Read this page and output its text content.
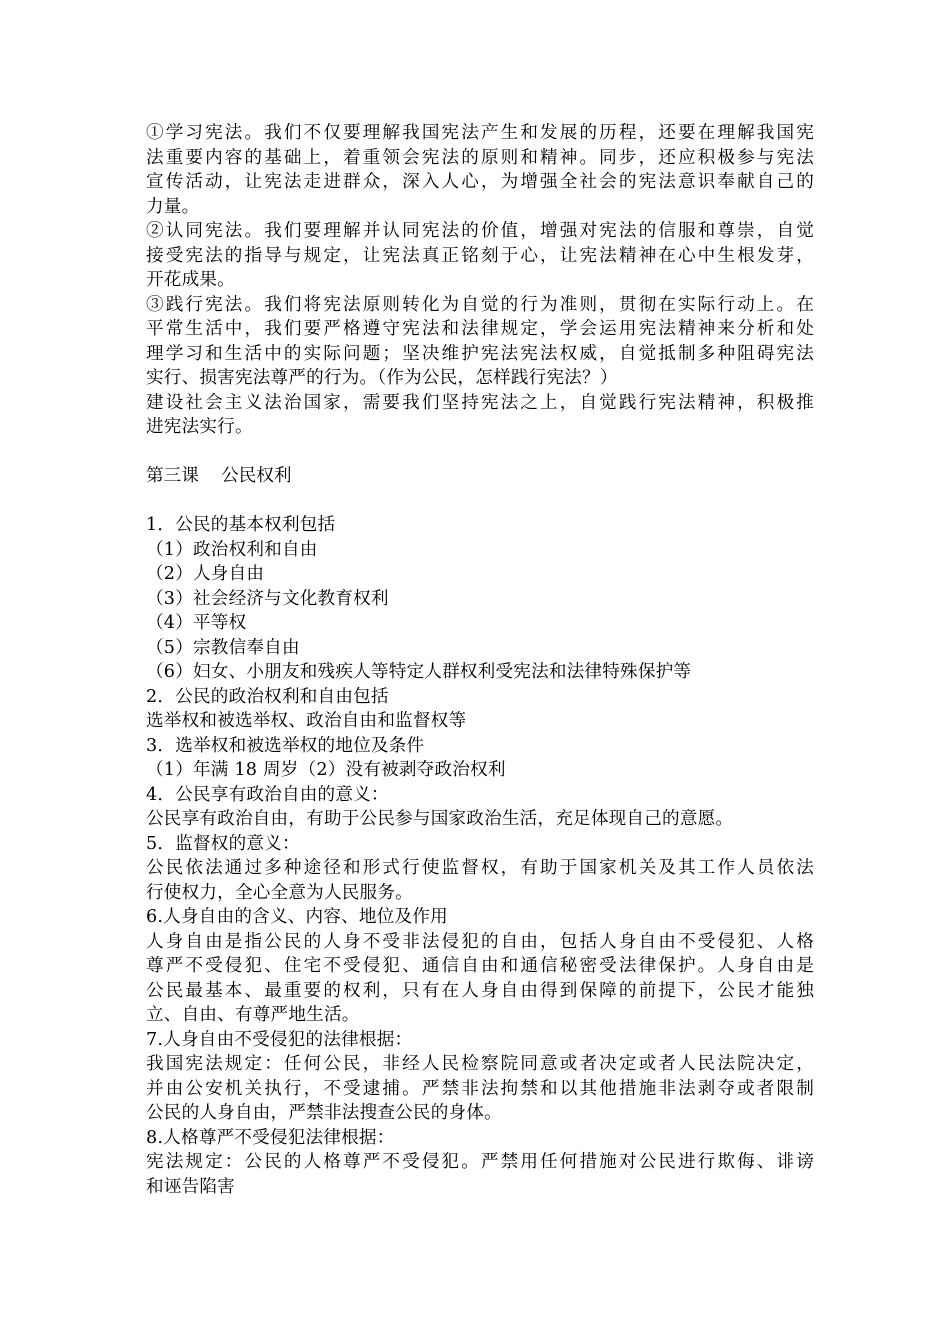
①学习宪法。我们不仅要理解我国宪法产生和发展的历程，还要在理解我国宪
法重要内容的基础上，着重领会宪法的原则和精神。同步，还应积极参与宪法
宣传活动，让宪法走进群众，深入人心，为增强全社会的宪法意识奉献自己的
力量。
②认同宪法。我们要理解并认同宪法的价值，增强对宪法的信服和尊崇，自觉
接受宪法的指导与规定，让宪法真正铭刻于心，让宪法精神在心中生根发芽，
开花成果。
③践行宪法。我们将宪法原则转化为自觉的行为准则，贯彻在实际行动上。在
平常生活中，我们要严格遵守宪法和法律规定，学会运用宪法精神来分析和处
理学习和生活中的实际问题；坚决维护宪法宪法权威，自觉抵制多种阻碍宪法
实行、损害宪法尊严的行为。（作为公民，怎样践行宪法？）
建设社会主义法治国家，需要我们坚持宪法之上，自觉践行宪法精神，积极推
进宪法实行。
第三课    公民权利
1．公民的基本权利包括
（1）政治权利和自由
（2）人身自由
（3）社会经济与文化教育权利
（4）平等权
（5）宗教信奉自由
（6）妇女、小朋友和残疾人等特定人群权利受宪法和法律特殊保护等
2．公民的政治权利和自由包括
选举权和被选举权、政治自由和监督权等
3．选举权和被选举权的地位及条件
（1）年满 18 周岁（2）没有被剥夺政治权利
4．公民享有政治自由的意义：
公民享有政治自由，有助于公民参与国家政治生活，充足体现自己的意愿。
5．监督权的意义：
公民依法通过多种途径和形式行使监督权，有助于国家机关及其工作人员依法
行使权力，全心全意为人民服务。
6.人身自由的含义、内容、地位及作用
人身自由是指公民的人身不受非法侵犯的自由，包括人身自由不受侵犯、人格
尊严不受侵犯、住宅不受侵犯、通信自由和通信秘密受法律保护。人身自由是
公民最基本、最重要的权利，只有在人身自由得到保障的前提下，公民才能独
立、自由、有尊严地生活。
7.人身自由不受侵犯的法律根据：
我国宪法规定：任何公民，非经人民检察院同意或者决定或者人民法院决定，
并由公安机关执行，不受逮捕。严禁非法拘禁和以其他措施非法剥夺或者限制
公民的人身自由，严禁非法搜查公民的身体。
8.人格尊严不受侵犯法律根据：
宪法规定：公民的人格尊严不受侵犯。严禁用任何措施对公民进行欺侮、诽谤
和诬告陷害
